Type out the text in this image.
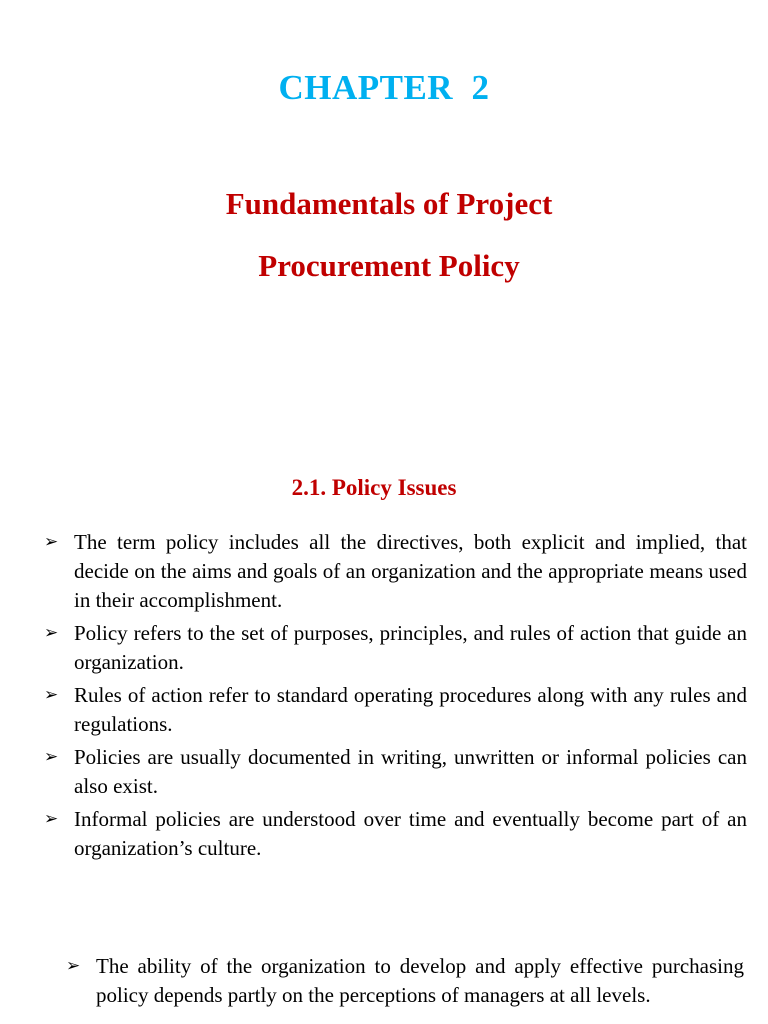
CHAPTER  2
Fundamentals of Project
Procurement Policy
2.1. Policy Issues
➢ The term policy includes all the directives, both explicit and implied, that decide on the aims and goals of an organization and the appropriate means used in their accomplishment.
➢ Policy refers to the set of purposes, principles, and rules of action that guide an organization.
➢ Rules of action refer to standard operating procedures along with any rules and regulations.
➢ Policies are usually documented in writing, unwritten or informal policies can also exist.
➢ Informal policies are understood over time and eventually become part of an organization’s culture.
➢ The ability of the organization to develop and apply effective purchasing policy depends partly on the perceptions of managers at all levels.
